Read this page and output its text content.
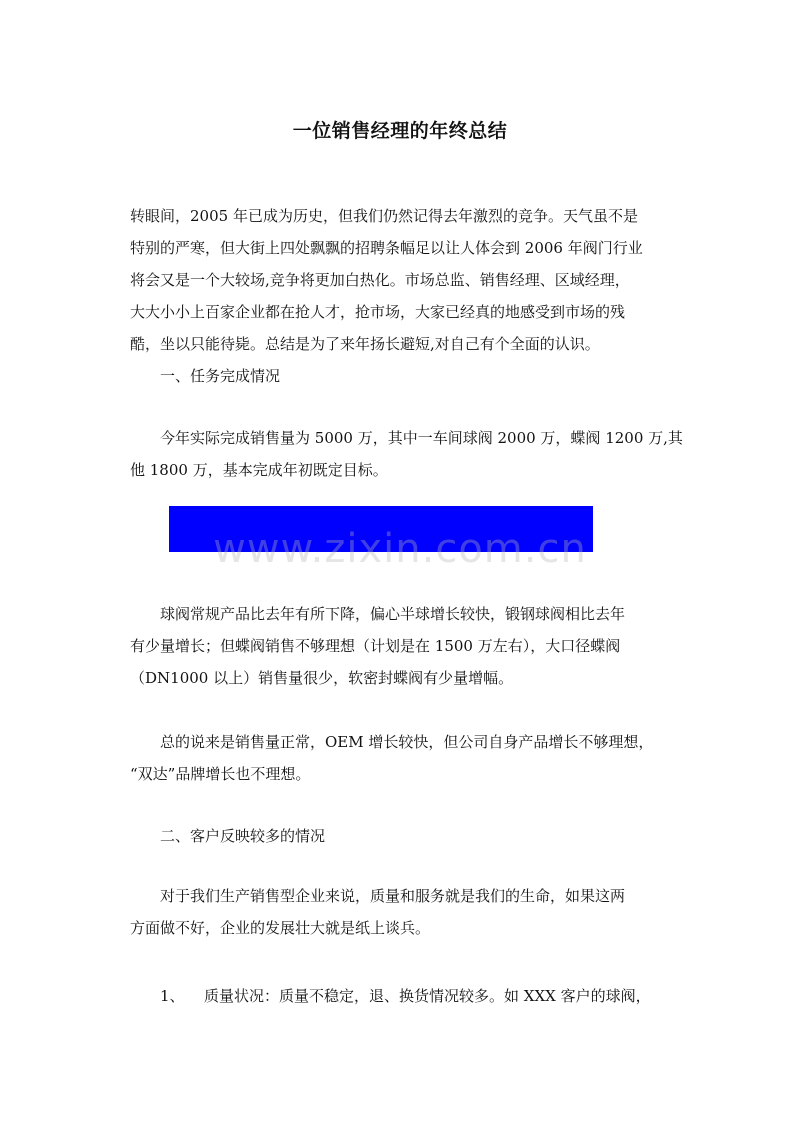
一位销售经理的年终总结
转眼间，2005 年已成为历史，但我们仍然记得去年激烈的竞争。天气虽不是
特别的严寒，但大街上四处飘飘的招聘条幅足以让人体会到 2006 年阀门行业
将会又是一个大较场,竞争将更加白热化。市场总监、销售经理、区域经理，
大大小小上百家企业都在抢人才，抢市场，大家已经真的地感受到市场的残
酷，坐以只能待毙。总结是为了来年扬长避短,对自己有个全面的认识。
一、任务完成情况
今年实际完成销售量为 5000 万，其中一车间球阀 2000 万，蝶阀 1200 万,其
他 1800 万，基本完成年初既定目标。
www.zixin.com.cn
球阀常规产品比去年有所下降，偏心半球增长较快，锻钢球阀相比去年
有少量增长；但蝶阀销售不够理想（计划是在 1500 万左右），大口径蝶阀
（DN1000 以上）销售量很少，软密封蝶阀有少量增幅。
总的说来是销售量正常，OEM 增长较快，但公司自身产品增长不够理想，
“双达”品牌增长也不理想。
二、客户反映较多的情况
对于我们生产销售型企业来说，质量和服务就是我们的生命，如果这两
方面做不好，企业的发展壮大就是纸上谈兵。
1、 质量状况：质量不稳定，退、换货情况较多。如 XXX 客户的球阀，
